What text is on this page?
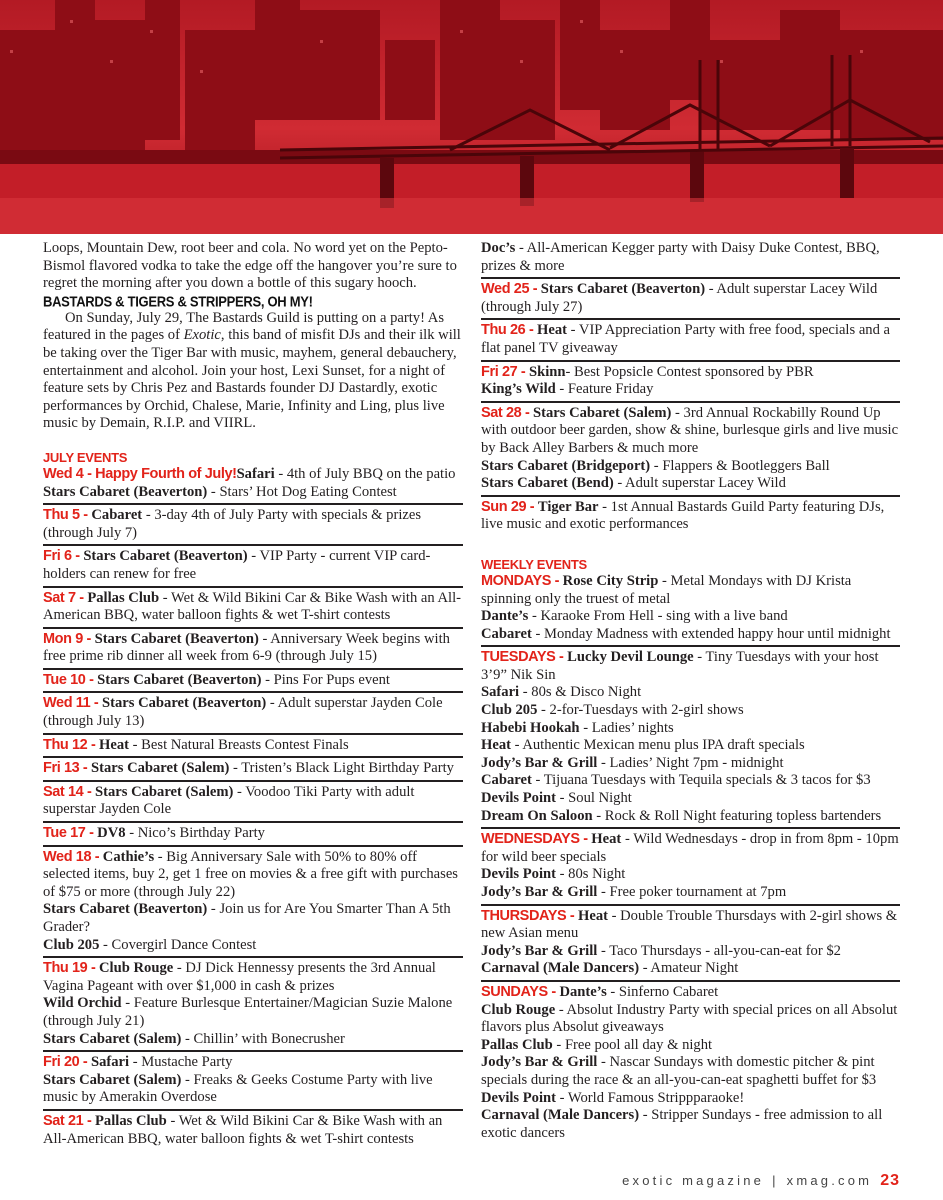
Loops, Mountain Dew, root beer and cola. No word yet on the Pepto-Bismol flavored vodka to take the edge off the hangover you’re sure to regret the morning after you down a bottle of this sugary hooch.

BASTARDS & TIGERS & STRIPPERS, OH MY!

On Sunday, July 29, The Bastards Guild is putting on a party! As featured in the pages of Exotic, this band of misfit DJs and their ilk will be taking over the Tiger Bar with music, mayhem, general debauchery, entertainment and alcohol. Join your host, Lexi Sunset, for a night of feature sets by Chris Pez and Bastards founder DJ Dastardly, exotic performances by Orchid, Chalese, Marie, Infinity and Ling, plus live music by Demain, R.I.P. and VIIRL.

JULY EVENTS
Wed 4 - Happy Fourth of July!Safari - 4th of July BBQ on the patio
Stars Cabaret (Beaverton) - Stars’ Hot Dog Eating Contest
Thu 5 - Cabaret - 3-day 4th of July Party with specials & prizes (through July 7)
Fri 6 - Stars Cabaret (Beaverton) - VIP Party - current VIP card-holders can renew for free
Sat 7 - Pallas Club - Wet & Wild Bikini Car & Bike Wash with an All-American BBQ, water balloon fights & wet T-shirt contests
Mon 9 - Stars Cabaret (Beaverton) - Anniversary Week begins with free prime rib dinner all week from 6-9 (through July 15)
Tue 10 - Stars Cabaret (Beaverton) - Pins For Pups event
Wed 11 - Stars Cabaret (Beaverton) - Adult superstar Jayden Cole (through July 13)
Thu 12 - Heat - Best Natural Breasts Contest Finals
Fri 13 - Stars Cabaret (Salem) - Tristen’s Black Light Birthday Party
Sat 14 - Stars Cabaret (Salem) - Voodoo Tiki Party with adult superstar Jayden Cole
Tue 17 - DV8 - Nico’s Birthday Party
Wed 18 - Cathie’s - Big Anniversary Sale with 50% to 80% off selected items, buy 2, get 1 free on movies & a free gift with purchases of $75 or more (through July 22)
Stars Cabaret (Beaverton) - Join us for Are You Smarter Than A 5th Grader?
Club 205 - Covergirl Dance Contest
Thu 19 - Club Rouge - DJ Dick Hennessy presents the 3rd Annual Vagina Pageant with over $1,000 in cash & prizes
Wild Orchid - Feature Burlesque Entertainer/Magician Suzie Malone (through July 21)
Stars Cabaret (Salem) - Chillin’ with Bonecrusher
Fri 20 - Safari - Mustache Party
Stars Cabaret (Salem) - Freaks & Geeks Costume Party with live music by Amerakin Overdose
Sat 21 - Pallas Club - Wet & Wild Bikini Car & Bike Wash with an All-American BBQ, water balloon fights & wet T-shirt contests
Doc’s - All-American Kegger party with Daisy Duke Contest, BBQ, prizes & more
Wed 25 - Stars Cabaret (Beaverton) - Adult superstar Lacey Wild (through July 27)
Thu 26 - Heat - VIP Appreciation Party with free food, specials and a flat panel TV giveaway
Fri 27 - Skinn- Best Popsicle Contest sponsored by PBR
King’s Wild - Feature Friday
Sat 28 - Stars Cabaret (Salem) - 3rd Annual Rockabilly Round Up with outdoor beer garden, show & shine, burlesque girls and live music by Back Alley Barbers & much more
Stars Cabaret (Bridgeport) - Flappers & Bootleggers Ball
Stars Cabaret (Bend) - Adult superstar Lacey Wild
Sun 29 - Tiger Bar - 1st Annual Bastards Guild Party featuring DJs, live music and exotic performances
WEEKLY EVENTS
MONDAYS - Rose City Strip - Metal Mondays with DJ Krista spinning only the truest of metal
Dante’s - Karaoke From Hell - sing with a live band
Cabaret - Monday Madness with extended happy hour until midnight
TUESDAYS - Lucky Devil Lounge - Tiny Tuesdays with your host 3’9” Nik Sin
Safari - 80s & Disco Night
Club 205 - 2-for-Tuesdays with 2-girl shows
Habebi Hookah - Ladies’ nights
Heat - Authentic Mexican menu plus IPA draft specials
Jody’s Bar & Grill - Ladies’ Night 7pm - midnight
Cabaret - Tijuana Tuesdays with Tequila specials & 3 tacos for $3
Devils Point - Soul Night
Dream On Saloon - Rock & Roll Night featuring topless bartenders
WEDNESDAYS - Heat - Wild Wednesdays - drop in from 8pm - 10pm for wild beer specials
Devils Point - 80s Night
Jody’s Bar & Grill - Free poker tournament at 7pm
THURSDAYS - Heat - Double Trouble Thursdays with 2-girl shows & new Asian menu
Jody’s Bar & Grill - Taco Thursdays - all-you-can-eat for $2
Carnaval (Male Dancers) - Amateur Night
SUNDAYS - Dante’s - Sinferno Cabaret
Club Rouge - Absolut Industry Party with special prices on all Absolut flavors plus Absolut giveaways
Pallas Club - Free pool all day & night
Jody’s Bar & Grill - Nascar Sundays with domestic pitcher & pint specials during the race & an all-you-can-eat spaghetti buffet for $3
Devils Point - World Famous Strippparaoke!
Carnaval (Male Dancers) - Stripper Sundays - free admission to all exotic dancers
exotic magazine | xmag.com 23
